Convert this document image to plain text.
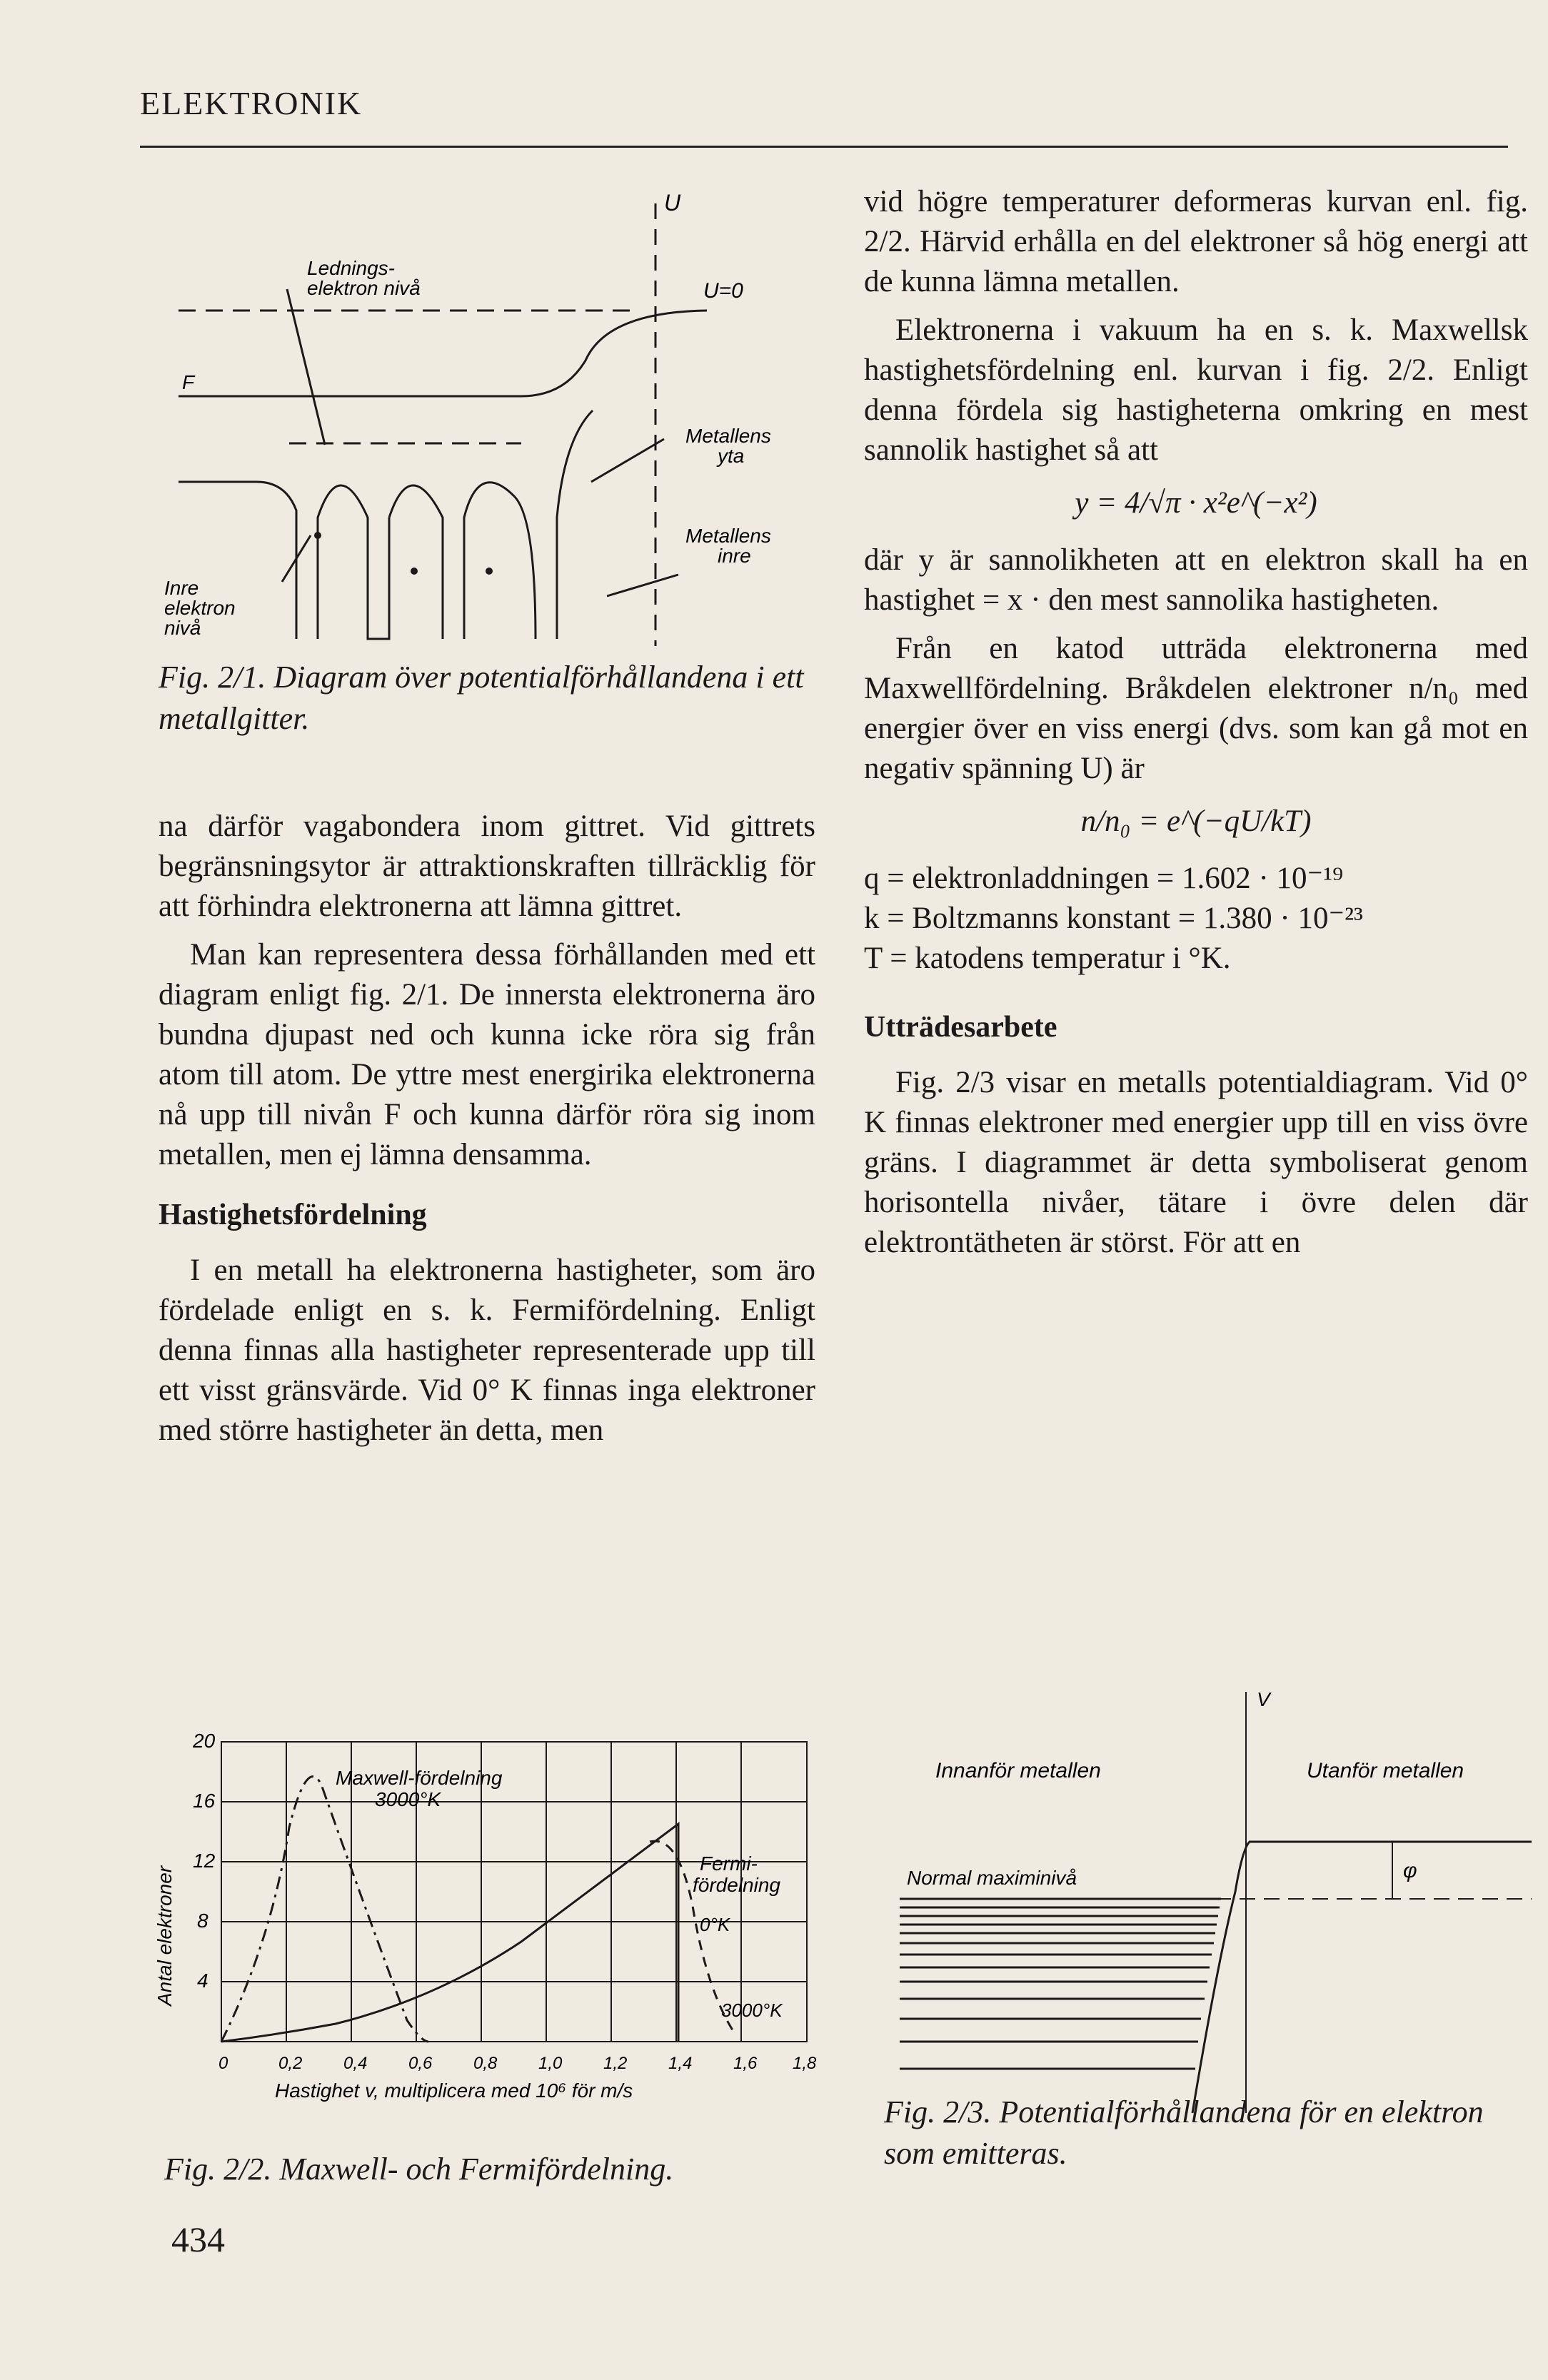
ELEKTRONIK
U
U=0
Lednings-
elektron nivå
F
Metallens
yta
Metallens
inre
Inre
elektron
nivå
Fig. 2/1. Diagram över potentialförhållandena i ett metallgitter.

na därför vagabondera inom gittret. Vid gittrets begränsningsytor är attraktionskraften tillräcklig för att förhindra elektronerna att lämna gittret.

Man kan representera dessa förhållanden med ett diagram enligt fig. 2/1. De innersta elektronerna äro bundna djupast ned och kunna icke röra sig från atom till atom. De yttre mest energirika elektronerna nå upp till nivån F och kunna därför röra sig inom metallen, men ej lämna densamma.

Hastighetsfördelning

I en metall ha elektronerna hastigheter, som äro fördelade enligt en s. k. Fermifördelning. Enligt denna finnas alla hastigheter representerade upp till ett visst gränsvärde. Vid 0° K finnas inga elektroner med större hastigheter än detta, men

vid högre temperaturer deformeras kurvan enl. fig. 2/2. Härvid erhålla en del elektroner så hög energi att de kunna lämna metallen.

Elektronerna i vakuum ha en s. k. Maxwellsk hastighetsfördelning enl. kurvan i fig. 2/2. Enligt denna fördela sig hastigheterna omkring en mest sannolik hastighet så att

y = 4/√π · x²e^(−x²)

där y är sannolikheten att en elektron skall ha en hastighet = x · den mest sannolika hastigheten.

Från en katod utträda elektronerna med Maxwellfördelning. Bråkdelen elektroner n/n₀ med energier över en viss energi (dvs. som kan gå mot en negativ spänning U) är

n/n₀ = e^(−qU/kT)
q = elektronladdningen = 1.602 · 10⁻¹⁹
k = Boltzmanns konstant = 1.380 · 10⁻²³
T = katodens temperatur i °K.
Utträdesarbete

Fig. 2/3 visar en metalls potentialdiagram. Vid 0° K finnas elektroner med energier upp till en viss övre gräns. I diagrammet är detta symboliserat genom horisontella nivåer, tätare i övre delen där elektrontätheten är störst. För att en

20
16
12
8
4
Antal elektroner
0	0,2 0,4 0,6 0,8 1,0 1,2 1,4 1,6 1,8
Hastighet v, multiplicera med 10⁶ för m/s
Maxwell-fördelning
3000°K
Fermi-
fördelning
0°K
3000°K
Fig. 2/2. Maxwell- och Fermifördelning.
V
Innanför metallen	Utanför metallen
Normal maximinivå	φ
Fig. 2/3. Potentialförhållandena för en elektron som emitteras.
434
